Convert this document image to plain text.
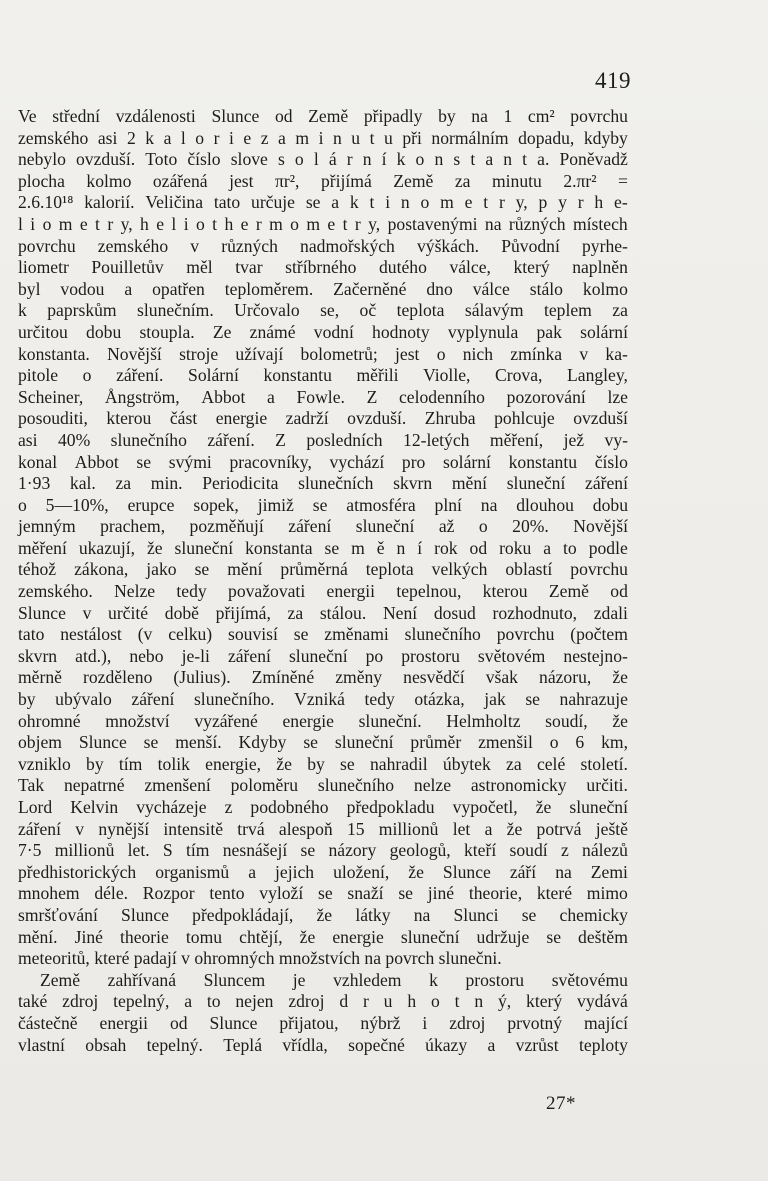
419
Ve střední vzdálenosti Slunce od Země připadly by na 1 cm² povrchu
zemského asi 2 k a l o r i e z a m i n u t u při normálním dopadu, kdyby
nebylo ovzduší. Toto číslo slove s o l á r n í k o n s t a n t a. Poněvadž
plocha kolmo ozářená jest πr², přijímá Země za minutu 2.πr² =
2.6.10¹⁸ kalorií. Veličina tato určuje se a k t i n o m e t r y, p y r h e-
l i o m e t r y, h e l i o t h e r m o m e t r y, postavenými na různých místech
povrchu zemského v různých nadmořských výškách. Původní pyrhe-
liometr Pouilletův měl tvar stříbrného dutého válce, který naplněn
byl vodou a opatřen teploměrem. Začerněné dno válce stálo kolmo
k paprskům slunečním. Určovalo se, oč teplota sálavým teplem za
určitou dobu stoupla. Ze známé vodní hodnoty vyplynula pak solární
konstanta. Novější stroje užívají bolometrů; jest o nich zmínka v ka-
pitole o záření. Solární konstantu měřili Violle, Crova, Langley,
Scheiner, Ångström, Abbot a Fowle. Z celodenního pozorování lze
posouditi, kterou část energie zadrží ovzduší. Zhruba pohlcuje ovzduší
asi 40% slunečního záření. Z posledních 12-letých měření, jež vy-
konal Abbot se svými pracovníky, vychází pro solární konstantu číslo
1·93 kal. za min. Periodicita slunečních skvrn mění sluneční záření
o 5—10%, erupce sopek, jimiž se atmosféra plní na dlouhou dobu
jemným prachem, pozměňují záření sluneční až o 20%. Novější
měření ukazují, že sluneční konstanta se m ě n í rok od roku a to podle
téhož zákona, jako se mění průměrná teplota velkých oblastí povrchu
zemského. Nelze tedy považovati energii tepelnou, kterou Země od
Slunce v určité době přijímá, za stálou. Není dosud rozhodnuto, zdali
tato nestálost (v celku) souvisí se změnami slunečního povrchu (počtem
skvrn atd.), nebo je-li záření sluneční po prostoru světovém nestejno-
měrně rozděleno (Julius). Zmíněné změny nesvědčí však názoru, že
by ubývalo záření slunečního. Vzniká tedy otázka, jak se nahrazuje
ohromné množství vyzářené energie sluneční. Helmholtz soudí, že
objem Slunce se menší. Kdyby se sluneční průměr zmenšil o 6 km,
vzniklo by tím tolik energie, že by se nahradil úbytek za celé století.
Tak nepatrné zmenšení poloměru slunečního nelze astronomicky určiti.
Lord Kelvin vycházeje z podobného předpokladu vypočetl, že sluneční
záření v nynější intensitě trvá alespoň 15 millionů let a že potrvá ještě
7·5 millionů let. S tím nesnášejí se názory geologů, kteří soudí z nálezů
předhistorických organismů a jejich uložení, že Slunce září na Zemi
mnohem déle. Rozpor tento vyloží se snaží se jiné theorie, které mimo
smršťování Slunce předpokládají, že látky na Slunci se chemicky
mění. Jiné theorie tomu chtějí, že energie sluneční udržuje se deštěm
meteoritů, které padají v ohromných množstvích na povrch slunečni.
Země zahřívaná Sluncem je vzhledem k prostoru světovému
také zdroj tepelný, a to nejen zdroj d r u h o t n ý, který vydává
částečně energii od Slunce přijatou, nýbrž i zdroj prvotný mající
vlastní obsah tepelný. Teplá vřídla, sopečné úkazy a vzrůst teploty
27*
